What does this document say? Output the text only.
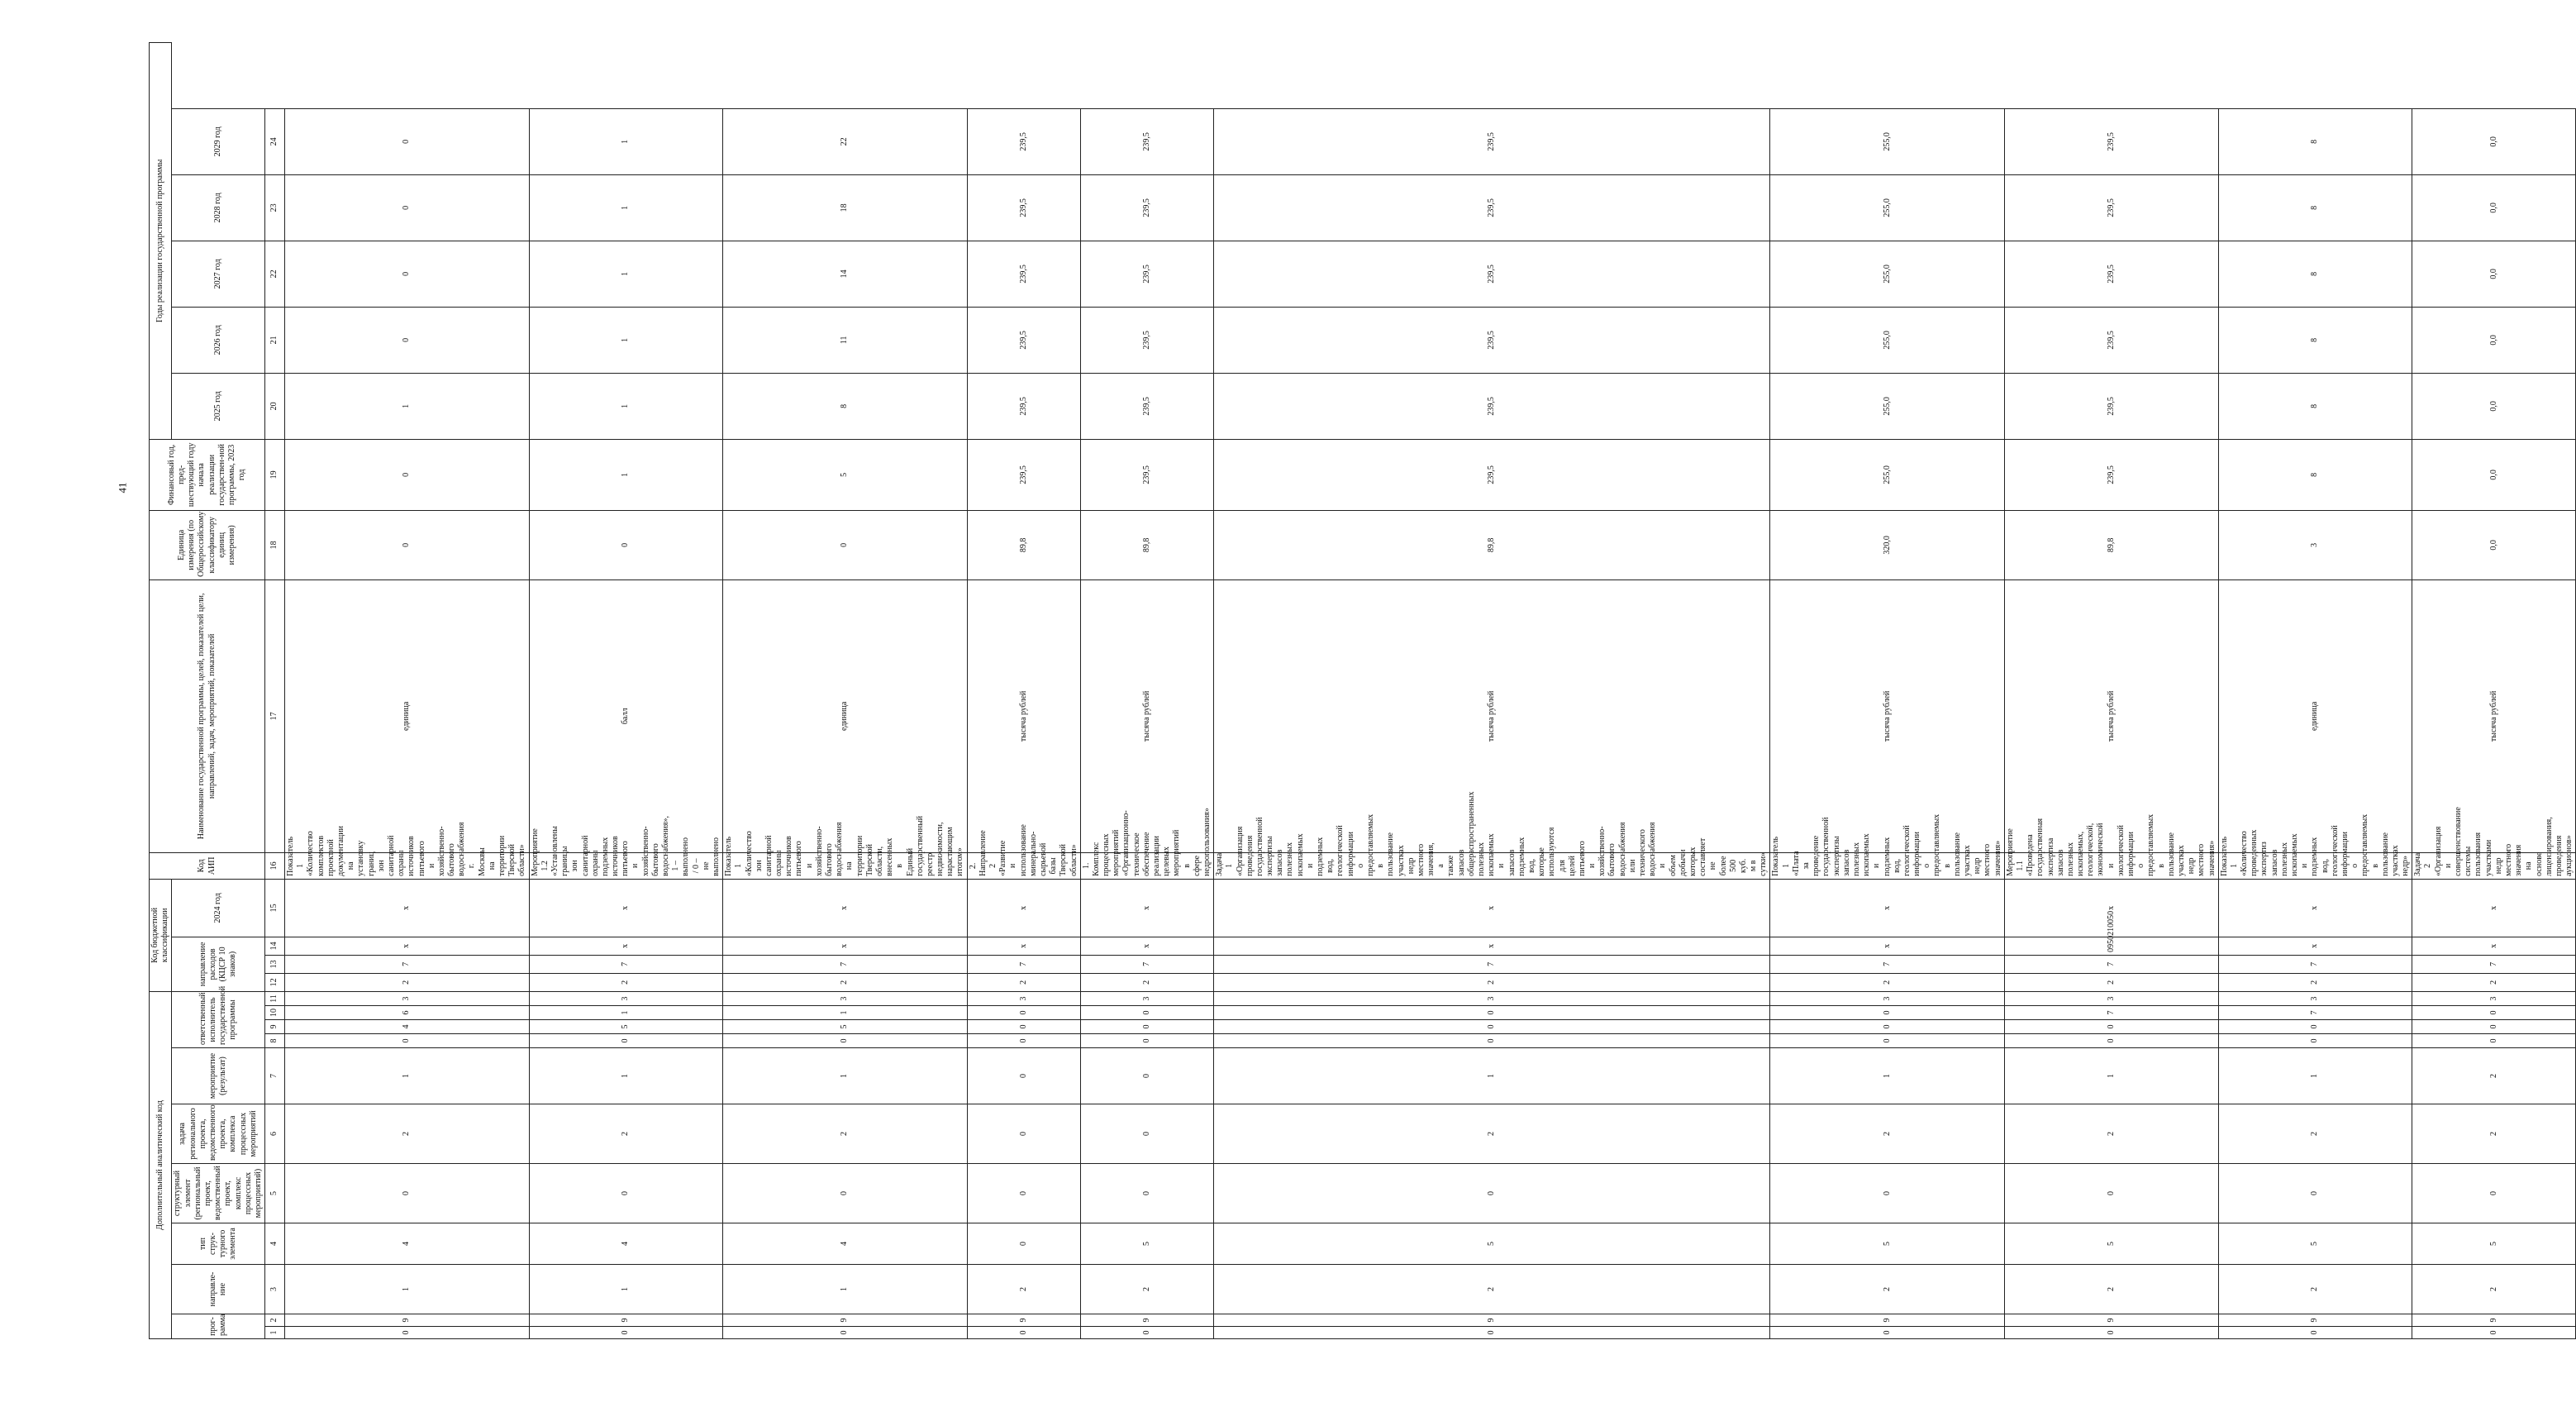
41
Дополнительный аналитический код											Код бюджетной классификации				Код АИП	Наименование государственной программы, целей, показателей цели, направлений, задач, мероприятий, показателей	Единица измерения (по Общероссийскому классификатору единиц измерения)	Финансовый год, пред-шествующий году начала реализации государствен-ной программы, 2023 год	Годы реализации государственной программы				
прог-рамма		направле-ние	тип струк-турного элемента	структурный элемент (региональный проект, ведомственный проект, комплекс процессных мероприятий)	задача регионального проекта, ведомственного проекта, комплекса процессных мероприятий	мероприятие (результат)	ответственный исполнитель государственной программы				направление расходов (КЦСР 10 знаков)			2024 год					2025 год	2026 год	2027 год	2028 год	2029 год
1	2	3	4	5	6	7	8	9	10	11	12	13	14	15	16	17	18	19	20	21	22	23	24
0	9	1	4	0	2	1	0	4	6	3	2	7	х	х	Показатель 1 «Количество комплектов проектной документации на установку границ зон санитарной охраны источников питьевого и хозяйственно-бытового водоснабжения г. Москвы на территории Тверской области»	единица	0	0	1	0	0	0	0
0	9	1	4	0	2	1	0	5	1	3	2	7	х	х	Мероприятие 1.2 «Установлены границы зон санитарной охраны подземных источников питьевого и хозяйственно-бытового водоснабжения», 1 – выполнено / 0 – не выполнено	балл	0	1	1	1	1	1	1
0	9	1	4	0	2	1	0	5	1	3	2	7	х	х	Показатель 1 «Количество зон санитарной охраны источников питьевого и хозяйственно-бытового водоснабжения на территории Тверской области, внесенных в Единый государственный реестр недвижимости, нарастающим итогом»	единица	0	5	8	11	14	18	22
0	9	2	0	0	0	0	0	0	0	3	2	7	х	х	2. Направление 2 «Развитие и использование минерально-сырьевой базы Тверской области»	тысяча рублей	89,8	239,5	239,5	239,5	239,5	239,5	239,5
0	9	2	5	0	0	0	0	0	0	3	2	7	х	х	1. Комплекс процессных мероприятий «Организационно-техническое обеспечение реализации целевых мероприятий в сфере недропользования»	тысяча рублей	89,8	239,5	239,5	239,5	239,5	239,5	239,5
0	9	2	5	0	2	1	0	0	0	3	2	7	х	х	Задача 1 «Организация проведения государственной экспертизы запасов полезных ископаемых и подземных вод, геологической информации о предоставляемых в пользование участках недр местного значения, а также запасов общераспространенных полезных ископаемых и запасов подземных вод, которые используются для целей питьевого и хозяйственно-бытового водоснабжения или технического водоснабжения и объем добычи которых составляет не более 500 куб. м в сутки»	тысяча рублей	89,8	239,5	239,5	239,5	239,5	239,5	239,5
0	9	2	5	0	2	1	0	0	0	3	2	7	х	х	Показатель 1 «Плата за проведение государственной экспертизы запасов полезных ископаемых и подземных вод, геологической информации о предоставляемых в пользование участках недр местного значения»	тысяча рублей	320,0	255,0	255,0	255,0	255,0	255,0	255,0
0	9	2	5	0	2	1	0	0	7	3	2	7	0950210050	х	Мероприятие 1.1 «Проведена государственная экспертиза запасов полезных ископаемых, геологической, экономической и экологической информации о предоставляемых в пользование участках недр местного значения»	тысяча рублей	89,8	239,5	239,5	239,5	239,5	239,5	239,5
0	9	2	5	0	2	1	0	0	7	3	2	7	х	х	Показатель 1 «Количество проведенных экспертиз запасов полезных ископаемых и подземных вод, геологической информации о предоставляемых в пользование участках недр»	единица	3	8	8	8	8	8	8
0	9	2	5	0	2	2	0	0	0	3	2	7	х	х	Задача 2 «Организация и совершенствование системы пользования участками недр местного значения на основе лицензирования, проведения аукционов»	тысяча рублей	0,0	0,0	0,0	0,0	0,0	0,0	0,0
